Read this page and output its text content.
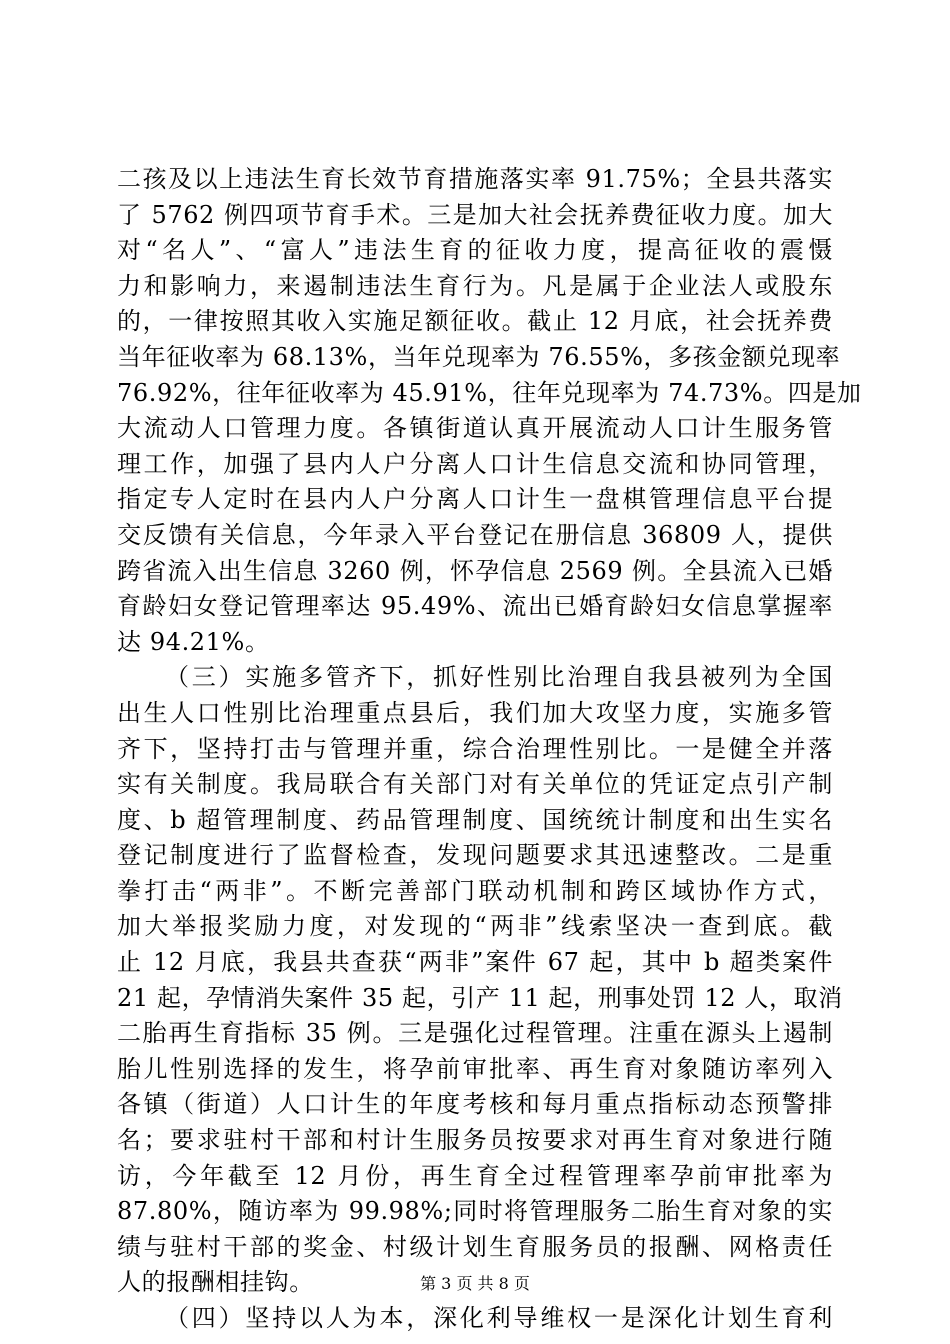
二孩及以上违法生育长效节育措施落实率 91.75%；全县共落实
了 5762 例四项节育手术。三是加大社会抚养费征收力度。加大
对“名人”、“富人”违法生育的征收力度，提高征收的震慑
力和影响力，来遏制违法生育行为。凡是属于企业法人或股东
的，一律按照其收入实施足额征收。截止 12 月底，社会抚养费
当年征收率为 68.13%，当年兑现率为 76.55%，多孩金额兑现率
76.92%，往年征收率为 45.91%，往年兑现率为 74.73%。四是加
大流动人口管理力度。各镇街道认真开展流动人口计生服务管
理工作，加强了县内人户分离人口计生信息交流和协同管理，
指定专人定时在县内人户分离人口计生一盘棋管理信息平台提
交反馈有关信息，今年录入平台登记在册信息 36809 人，提供
跨省流入出生信息 3260 例，怀孕信息 2569 例。全县流入已婚
育龄妇女登记管理率达 95.49%、流出已婚育龄妇女信息掌握率
达 94.21%。
（三）实施多管齐下，抓好性别比治理自我县被列为全国
出生人口性别比治理重点县后，我们加大攻坚力度，实施多管
齐下，坚持打击与管理并重，综合治理性别比。一是健全并落
实有关制度。我局联合有关部门对有关单位的凭证定点引产制
度、b 超管理制度、药品管理制度、国统统计制度和出生实名
登记制度进行了监督检查，发现问题要求其迅速整改。二是重
拳打击“两非”。不断完善部门联动机制和跨区域协作方式，
加大举报奖励力度，对发现的“两非”线索坚决一查到底。截
止 12 月底，我县共查获“两非”案件 67 起，其中 b 超类案件
21 起，孕情消失案件 35 起，引产 11 起，刑事处罚 12 人，取消
二胎再生育指标 35 例。三是强化过程管理。注重在源头上遏制
胎儿性别选择的发生，将孕前审批率、再生育对象随访率列入
各镇（街道）人口计生的年度考核和每月重点指标动态预警排
名；要求驻村干部和村计生服务员按要求对再生育对象进行随
访，今年截至 12 月份，再生育全过程管理率孕前审批率为
87.80%，随访率为 99.98%;同时将管理服务二胎生育对象的实
绩与驻村干部的奖金、村级计划生育服务员的报酬、网格责任
人的报酬相挂钩。
（四）坚持以人为本，深化利导维权一是深化计划生育利
第 3 页 共 8 页
